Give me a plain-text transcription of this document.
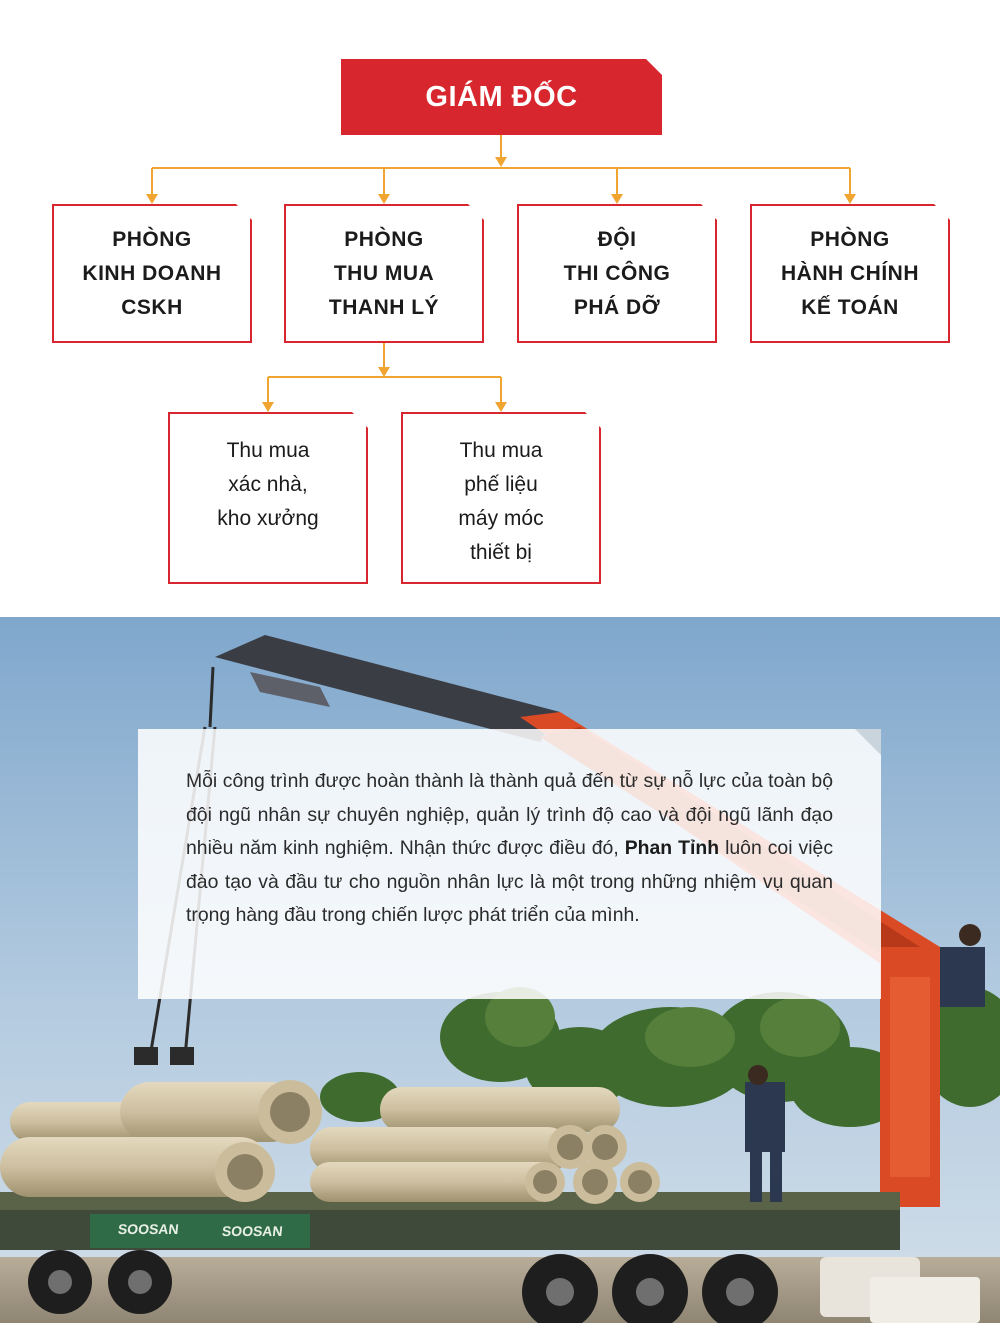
GIÁM ĐỐC
PHÒNG
KINH DOANH
CSKH
PHÒNG
THU MUA
THANH LÝ
ĐỘI
THI CÔNG
PHÁ DỠ
PHÒNG
HÀNH CHÍNH
KẾ TOÁN
Thu mua
xác nhà,
kho xưởng
Thu mua
phế liệu
máy móc
thiết bị
SOOSAN	SOOSAN

Mỗi công trình được hoàn thành là thành quả đến từ sự nỗ lực của toàn bộ đội ngũ nhân sự chuyên nghiệp, quản lý trình độ cao và đội ngũ lãnh đạo nhiều năm kinh nghiệm. Nhận thức được điều đó, Phan Tỉnh luôn coi việc đào tạo và đầu tư cho nguồn nhân lực là một trong những nhiệm vụ quan trọng hàng đầu trong chiến lược phát triển của mình.
